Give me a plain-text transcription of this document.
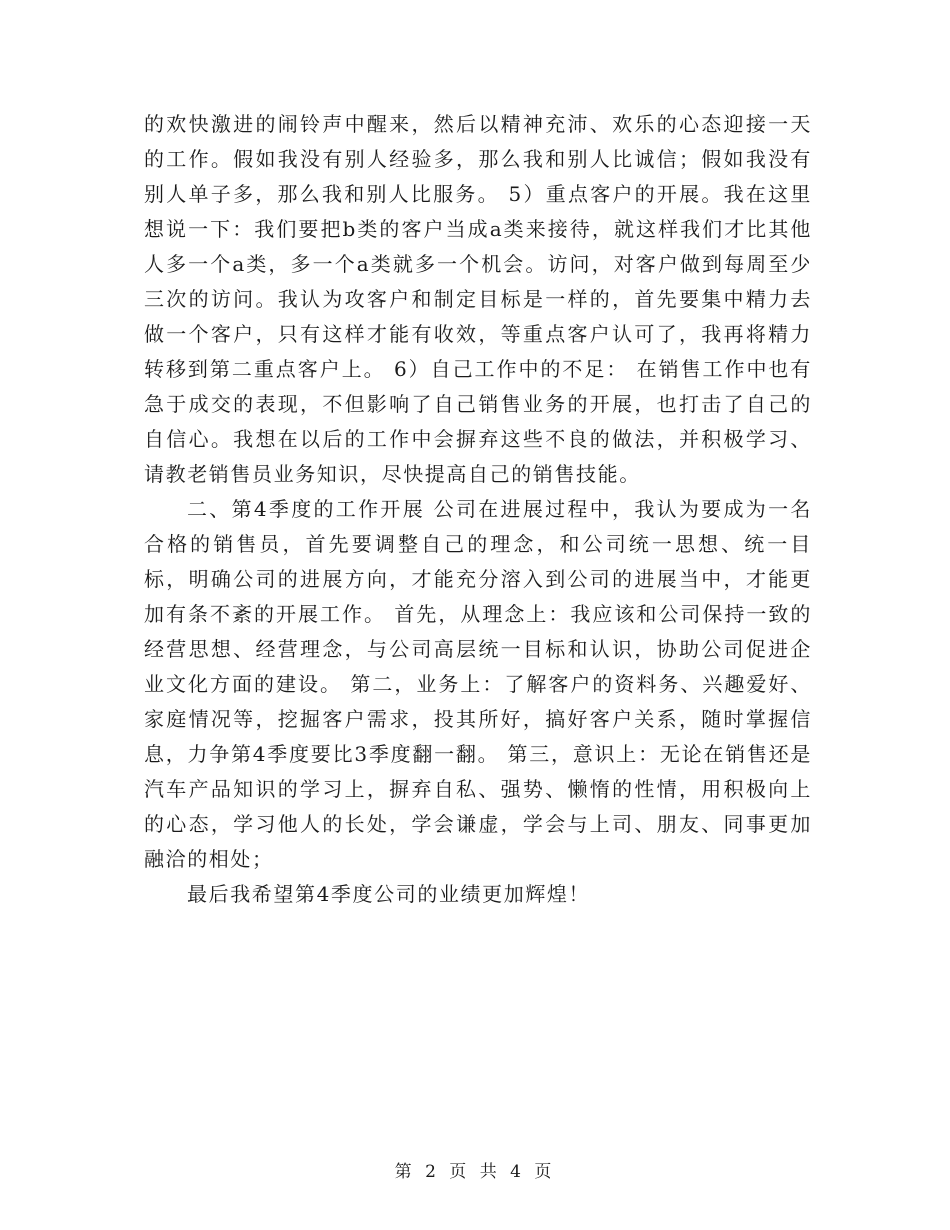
的欢快激进的闹铃声中醒来，然后以精神充沛、欢乐的心态迎接一天的工作。假如我没有别人经验多，那么我和别人比诚信；假如我没有别人单子多，那么我和别人比服务。 5）重点客户的开展。我在这里想说一下：我们要把b类的客户当成a类来接待，就这样我们才比其他人多一个a类，多一个a类就多一个机会。访问，对客户做到每周至少三次的访问。我认为攻客户和制定目标是一样的，首先要集中精力去做一个客户，只有这样才能有收效，等重点客户认可了，我再将精力转移到第二重点客户上。 6）自己工作中的不足： 在销售工作中也有急于成交的表现，不但影响了自己销售业务的开展，也打击了自己的自信心。我想在以后的工作中会摒弃这些不良的做法，并积极学习、请教老销售员业务知识，尽快提高自己的销售技能。

二、第4季度的工作开展 公司在进展过程中，我认为要成为一名合格的销售员，首先要调整自己的理念，和公司统一思想、统一目标，明确公司的进展方向，才能充分溶入到公司的进展当中，才能更加有条不紊的开展工作。 首先，从理念上：我应该和公司保持一致的经营思想、经营理念，与公司高层统一目标和认识，协助公司促进企业文化方面的建设。 第二，业务上：了解客户的资料务、兴趣爱好、家庭情况等，挖掘客户需求，投其所好，搞好客户关系，随时掌握信息，力争第4季度要比3季度翻一翻。 第三，意识上：无论在销售还是汽车产品知识的学习上，摒弃自私、强势、懒惰的性情，用积极向上的心态，学习他人的长处，学会谦虚，学会与上司、朋友、同事更加融洽的相处；

最后我希望第4季度公司的业绩更加辉煌！

第 2 页 共 4 页
